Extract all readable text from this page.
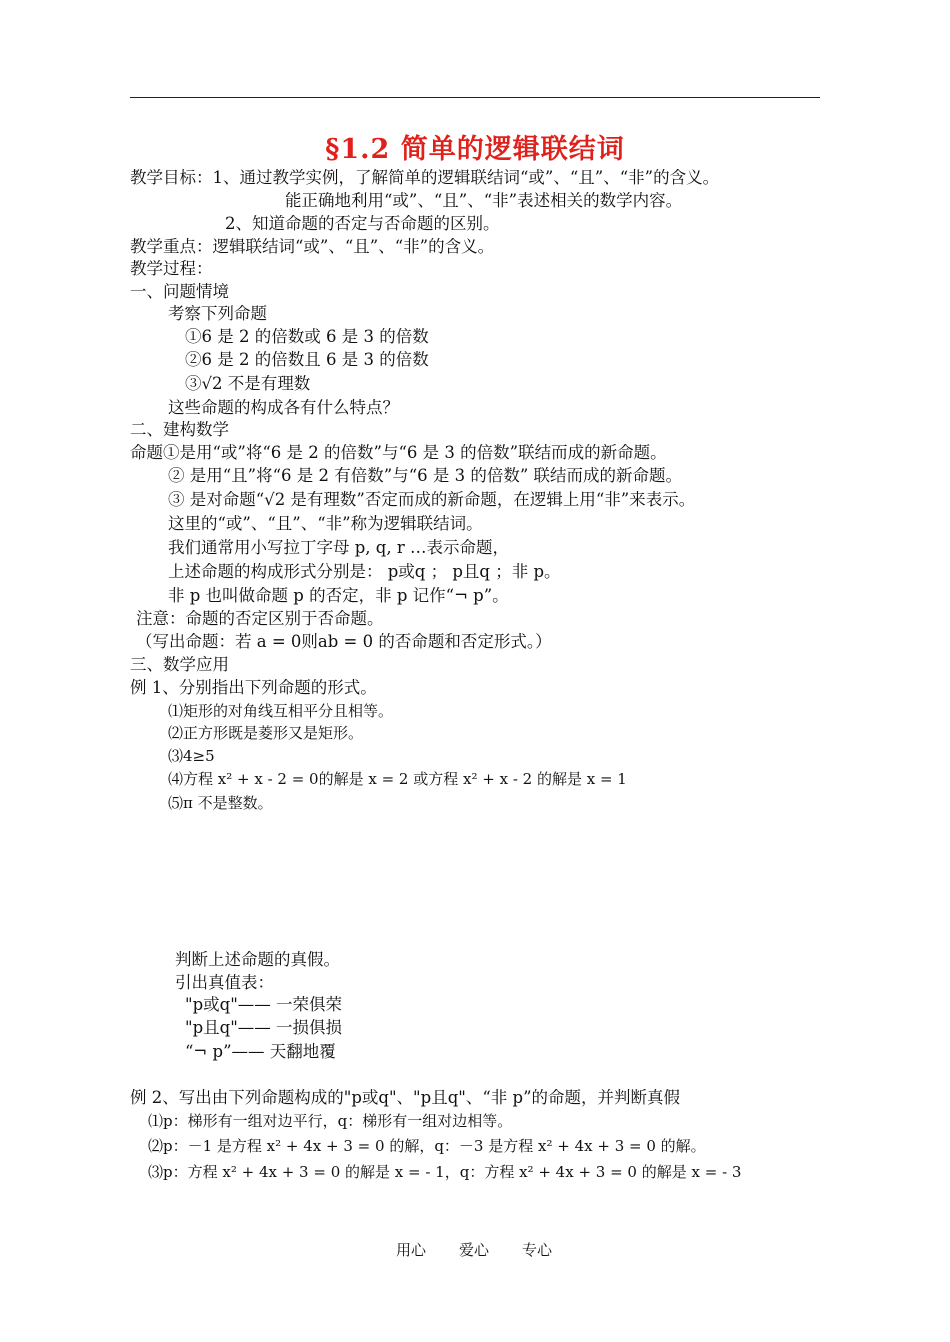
§1.2 简单的逻辑联结词
教学目标：1、通过教学实例，了解简单的逻辑联结词“或”、“且”、“非”的含义。
能正确地利用“或”、“且”、“非”表述相关的数学内容。
2、知道命题的否定与否命题的区别。
教学重点：逻辑联结词“或”、“且”、“非”的含义。
教学过程：
一、问题情境
考察下列命题
①6 是 2 的倍数或 6 是 3 的倍数
②6 是 2 的倍数且 6 是 3 的倍数
③√2 不是有理数
这些命题的构成各有什么特点？
二、建构数学
命题①是用“或”将“6 是 2 的倍数”与“6 是 3 的倍数”联结而成的新命题。
② 是用“且”将“6 是 2 有倍数”与“6 是 3 的倍数” 联结而成的新命题。
③ 是对命题“√2 是有理数”否定而成的新命题，在逻辑上用“非”来表示。
这里的“或”、“且”、“非”称为逻辑联结词。
我们通常用小写拉丁字母 p, q, r …表示命题，
上述命题的构成形式分别是： p或q ； p且q ；非 p。
非 p 也叫做命题 p 的否定，非 p 记作“¬ p”。
注意：命题的否定区别于否命题。
（写出命题：若 a = 0则ab = 0 的否命题和否定形式。）
三、数学应用
例 1、分别指出下列命题的形式。
⑴矩形的对角线互相平分且相等。
⑵正方形既是菱形又是矩形。
⑶4≥5
⑷方程 x² + x - 2 = 0的解是 x = 2 或方程 x² + x - 2 的解是 x = 1
⑸π 不是整数。
判断上述命题的真假。
引出真值表：
"p或q"—— 一荣俱荣
"p且q"—— 一损俱损
“¬ p”—— 天翻地覆
例 2、写出由下列命题构成的"p或q"、"p且q"、“非 p”的命题，并判断真假
⑴p：梯形有一组对边平行，q：梯形有一组对边相等。
⑵p：－1 是方程 x² + 4x + 3 = 0 的解，q：－3 是方程 x² + 4x + 3 = 0 的解。
⑶p：方程 x² + 4x + 3 = 0 的解是 x = - 1，q：方程 x² + 4x + 3 = 0 的解是 x = - 3
用心 爱心 专心
